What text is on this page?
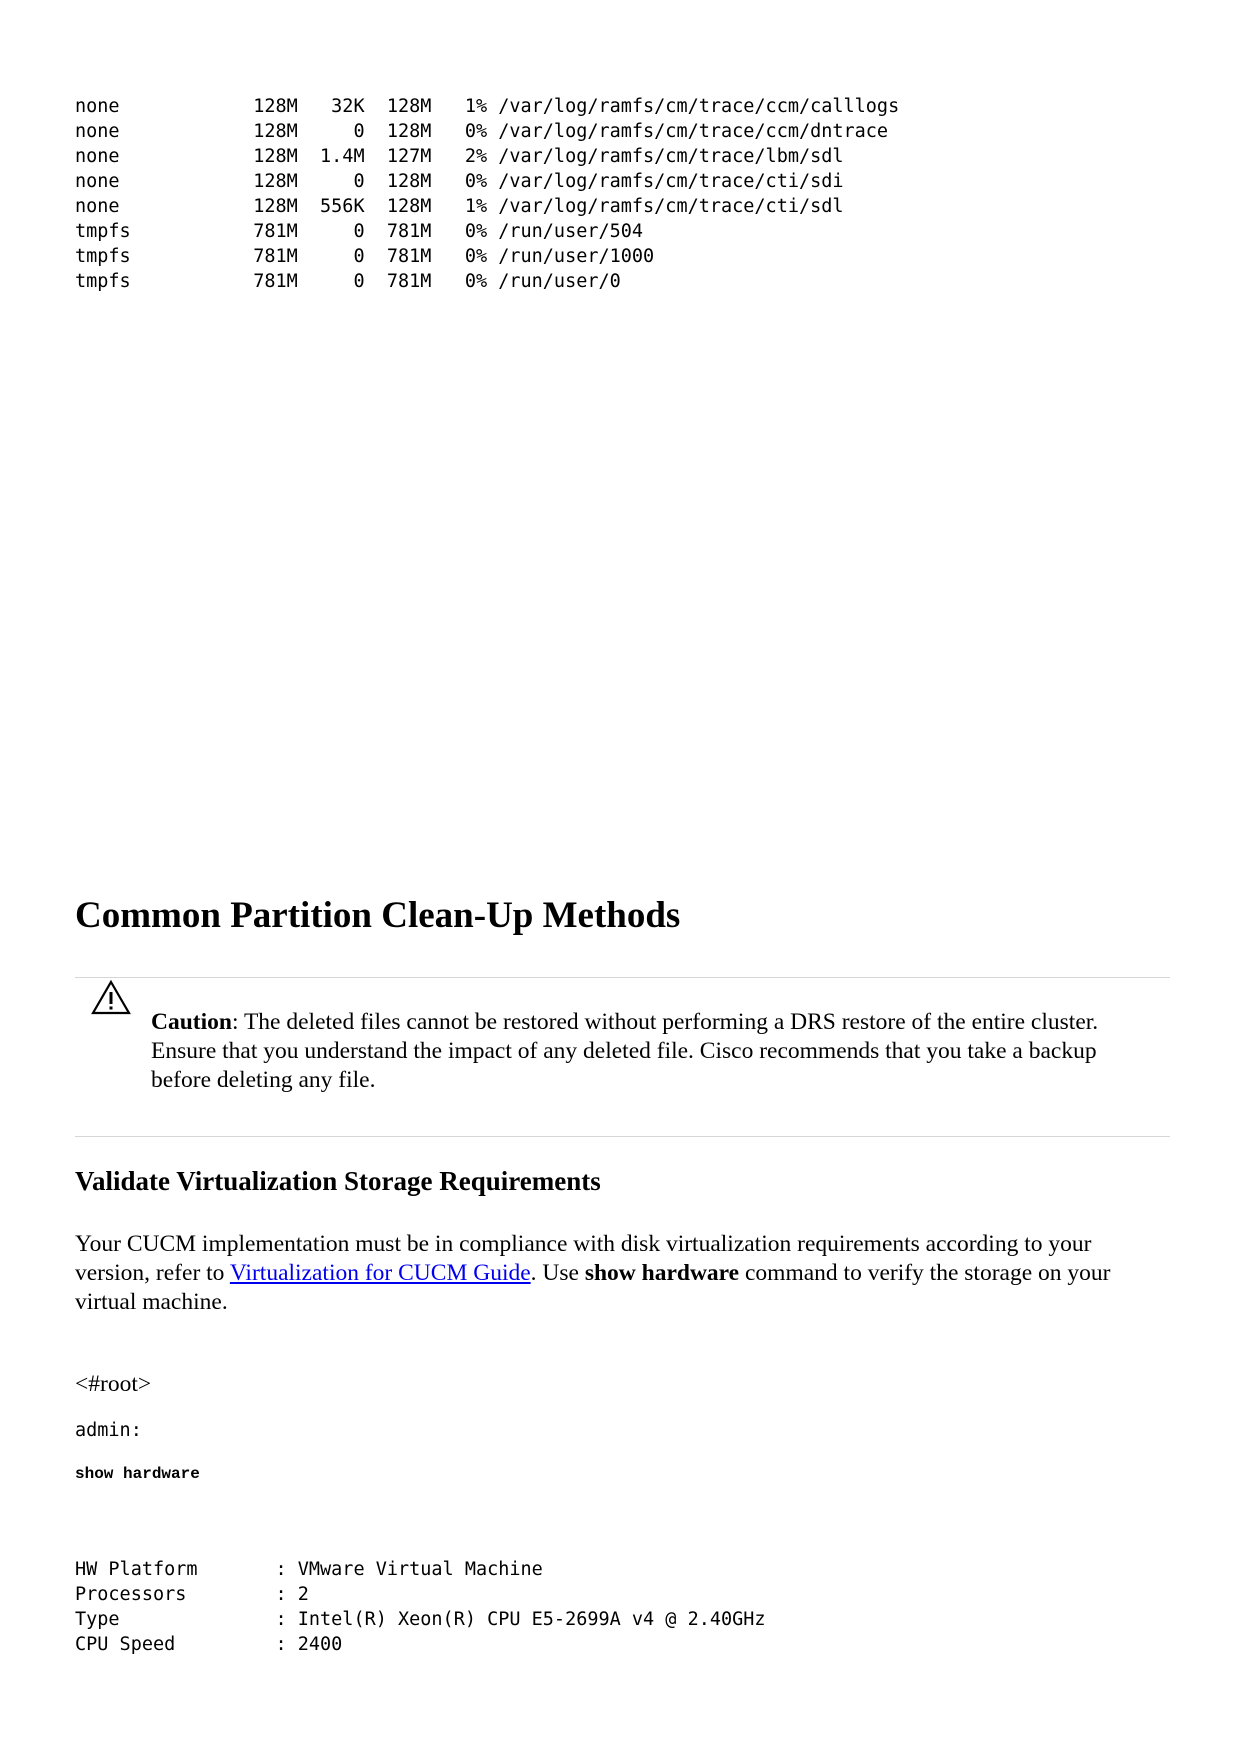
none            128M   32K  128M   1% /var/log/ramfs/cm/trace/ccm/calllogs
none            128M     0  128M   0% /var/log/ramfs/cm/trace/ccm/dntrace
none            128M  1.4M  127M   2% /var/log/ramfs/cm/trace/lbm/sdl
none            128M     0  128M   0% /var/log/ramfs/cm/trace/cti/sdi
none            128M  556K  128M   1% /var/log/ramfs/cm/trace/cti/sdl
tmpfs           781M     0  781M   0% /run/user/504
tmpfs           781M     0  781M   0% /run/user/1000
tmpfs           781M     0  781M   0% /run/user/0
Common Partition Clean-Up Methods
Caution: The deleted files cannot be restored without performing a DRS restore of the entire cluster. Ensure that you understand the impact of any deleted file. Cisco recommends that you take a backup before deleting any file.
Validate Virtualization Storage Requirements

Your CUCM implementation must be in compliance with disk virtualization requirements according to your version, refer to Virtualization for CUCM Guide. Use show hardware command to verify the storage on your virtual machine.

<#root>
admin:
show hardware
HW Platform       : VMware Virtual Machine
Processors        : 2
Type              : Intel(R) Xeon(R) CPU E5-2699A v4 @ 2.40GHz
CPU Speed         : 2400
